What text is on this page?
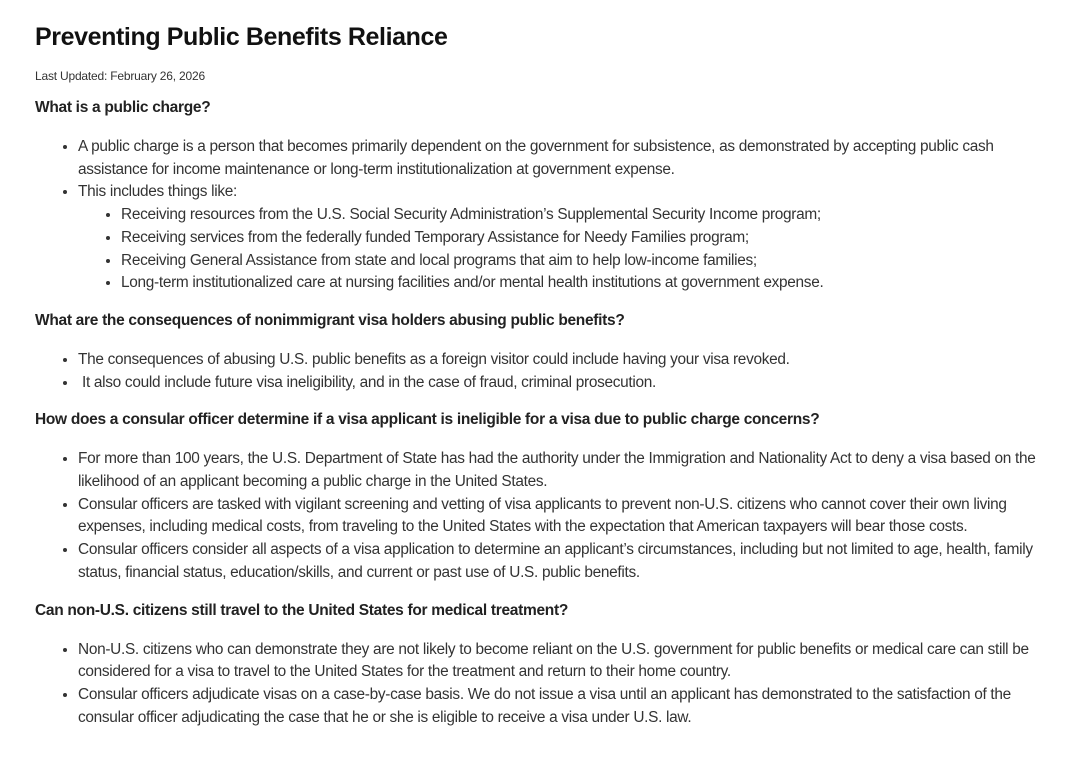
Preventing Public Benefits Reliance

Last Updated: February 26, 2026

What is a public charge?
• A public charge is a person that becomes primarily dependent on the government for subsistence, as demonstrated by accepting public cash assistance for income maintenance or long-term institutionalization at government expense.
• This includes things like:
• Receiving resources from the U.S. Social Security Administration’s Supplemental Security Income program;
• Receiving services from the federally funded Temporary Assistance for Needy Families program;
• Receiving General Assistance from state and local programs that aim to help low-income families;
• Long-term institutionalized care at nursing facilities and/or mental health institutions at government expense.
What are the consequences of nonimmigrant visa holders abusing public benefits?
• The consequences of abusing U.S. public benefits as a foreign visitor could include having your visa revoked.
•  It also could include future visa ineligibility, and in the case of fraud, criminal prosecution.
How does a consular officer determine if a visa applicant is ineligible for a visa due to public charge concerns?
• For more than 100 years, the U.S. Department of State has had the authority under the Immigration and Nationality Act to deny a visa based on the likelihood of an applicant becoming a public charge in the United States.
• Consular officers are tasked with vigilant screening and vetting of visa applicants to prevent non-U.S. citizens who cannot cover their own living expenses, including medical costs, from traveling to the United States with the expectation that American taxpayers will bear those costs.
• Consular officers consider all aspects of a visa application to determine an applicant’s circumstances, including but not limited to age, health, family status, financial status, education/skills, and current or past use of U.S. public benefits.
Can non-U.S. citizens still travel to the United States for medical treatment?
• Non-U.S. citizens who can demonstrate they are not likely to become reliant on the U.S. government for public benefits or medical care can still be considered for a visa to travel to the United States for the treatment and return to their home country.
• Consular officers adjudicate visas on a case-by-case basis. We do not issue a visa until an applicant has demonstrated to the satisfaction of the consular officer adjudicating the case that he or she is eligible to receive a visa under U.S. law.
